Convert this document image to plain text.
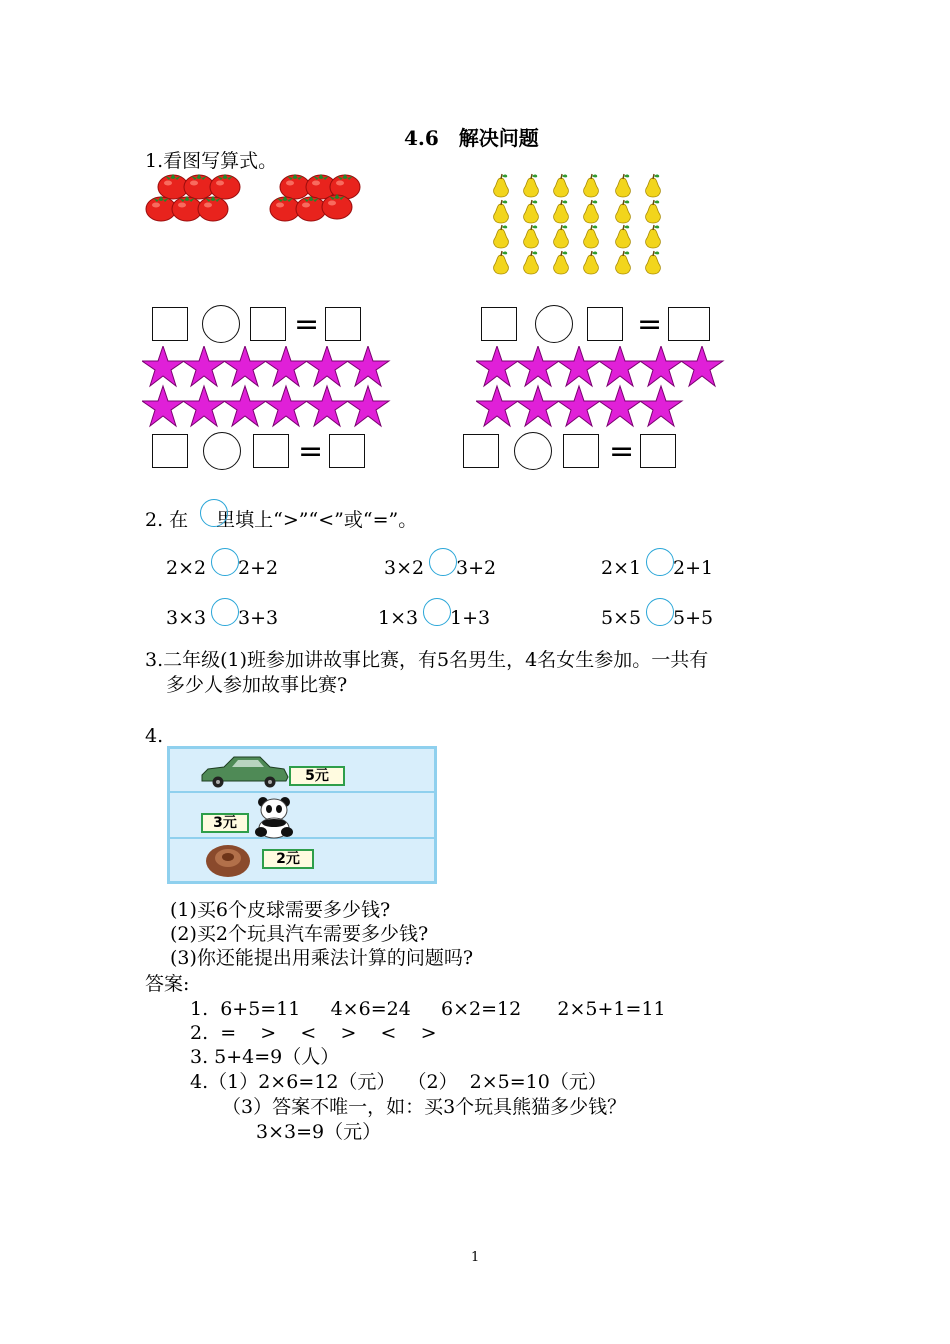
4.6　解决问题
1.看图写算式。
=	=
=	=
2. 在 里填上“>”“<”或“=”。
2×2 2+2	3×2 3+2	2×1 2+1
3×3 3+3	1×3 1+3	5×5 5+5
3.二年级(1)班参加讲故事比赛，有5名男生，4名女生参加。一共有
多少人参加故事比赛?
4.
5元
3元
2元
(1)买6个皮球需要多少钱?
(2)买2个玩具汽车需要多少钱?
(3)你还能提出用乘法计算的问题吗?
答案:
1.  6+5=11     4×6=24     6×2=12      2×5+1=11
2.  =    >    <    >    <    >
3. 5+4=9（人）
4.（1）2×6=12（元）  （2）  2×5=10（元）
（3）答案不唯一，如：买3个玩具熊猫多少钱？
3×3=9（元）
1
